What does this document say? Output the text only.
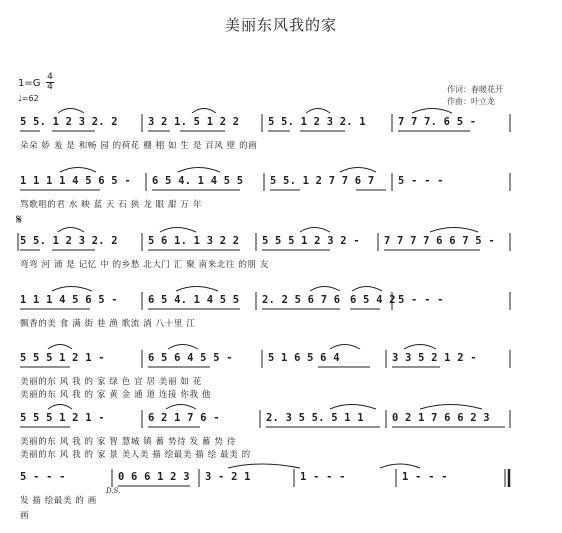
美丽东风我的家
作词：春暖花开
作曲：叶立龙
1=G
4
4
♩=62
𝄋
D.S.
5 5. 1 2 3 2. 2	3 2 1. 5 1 2 2	5 5. 1 2 3 2. 1	7 7 7. 6 5 -
朵朵 娇 羞 是 和畅 园 的荷花 棚 栩 如 生 是 百风 壁 的画
1 1 1 1 4 5 6 5 - 6 5 4. 1 4 5 5	5 5. 1 2 7 7 6 7 5 - - -
骂歌咀的君 水 映 蓝 天 石 狭 龙 眼 甜 万 年
5 5. 1 2 3 2. 2	5 6 1. 1 3 2 2 5 5 5 1 2 3 2 - 7 7 7 7 6 6 7 5 -
弯弯 河 涌 是 记忆 中 的乡愁 北大门 汇 聚 南来北往 的朋 友
1 1 1 4 5 6 5 -	6 5 4. 1 4 5 5 2. 2 5 6 7 6 6 5 4 2 5 - - -
飘香的美 食 满 街 巷 渔 歌流 淌 八十里 江
5 5 5 1 2 1 -	6 5 6 4 5 5 -	5 1 6 5 6 4	3 3 5 2 1 2 -
美丽的东 风 我 的 家 绿 色 宜 居 美丽 如 花
美丽的东 风 我 的 家 黄 金 通 道 连接 你我 他
5 5 5 1 2 1 -	6 2 1 7 6 -	2. 3 5 5. 5 1 1	0 2 1 7 6 6 2 3
美丽的东 风 我 的 家 智 慧城 镇 蓄 势待 发 蓄 势 待
美丽的东 风 我 的 家 景 美人美 描 绘最美 描 绘 最美 的
5 - - -	0 6 6 1 2 3 3 - 2 1	1 - - -	1 - - -
发 描 绘最美 的 画
画
